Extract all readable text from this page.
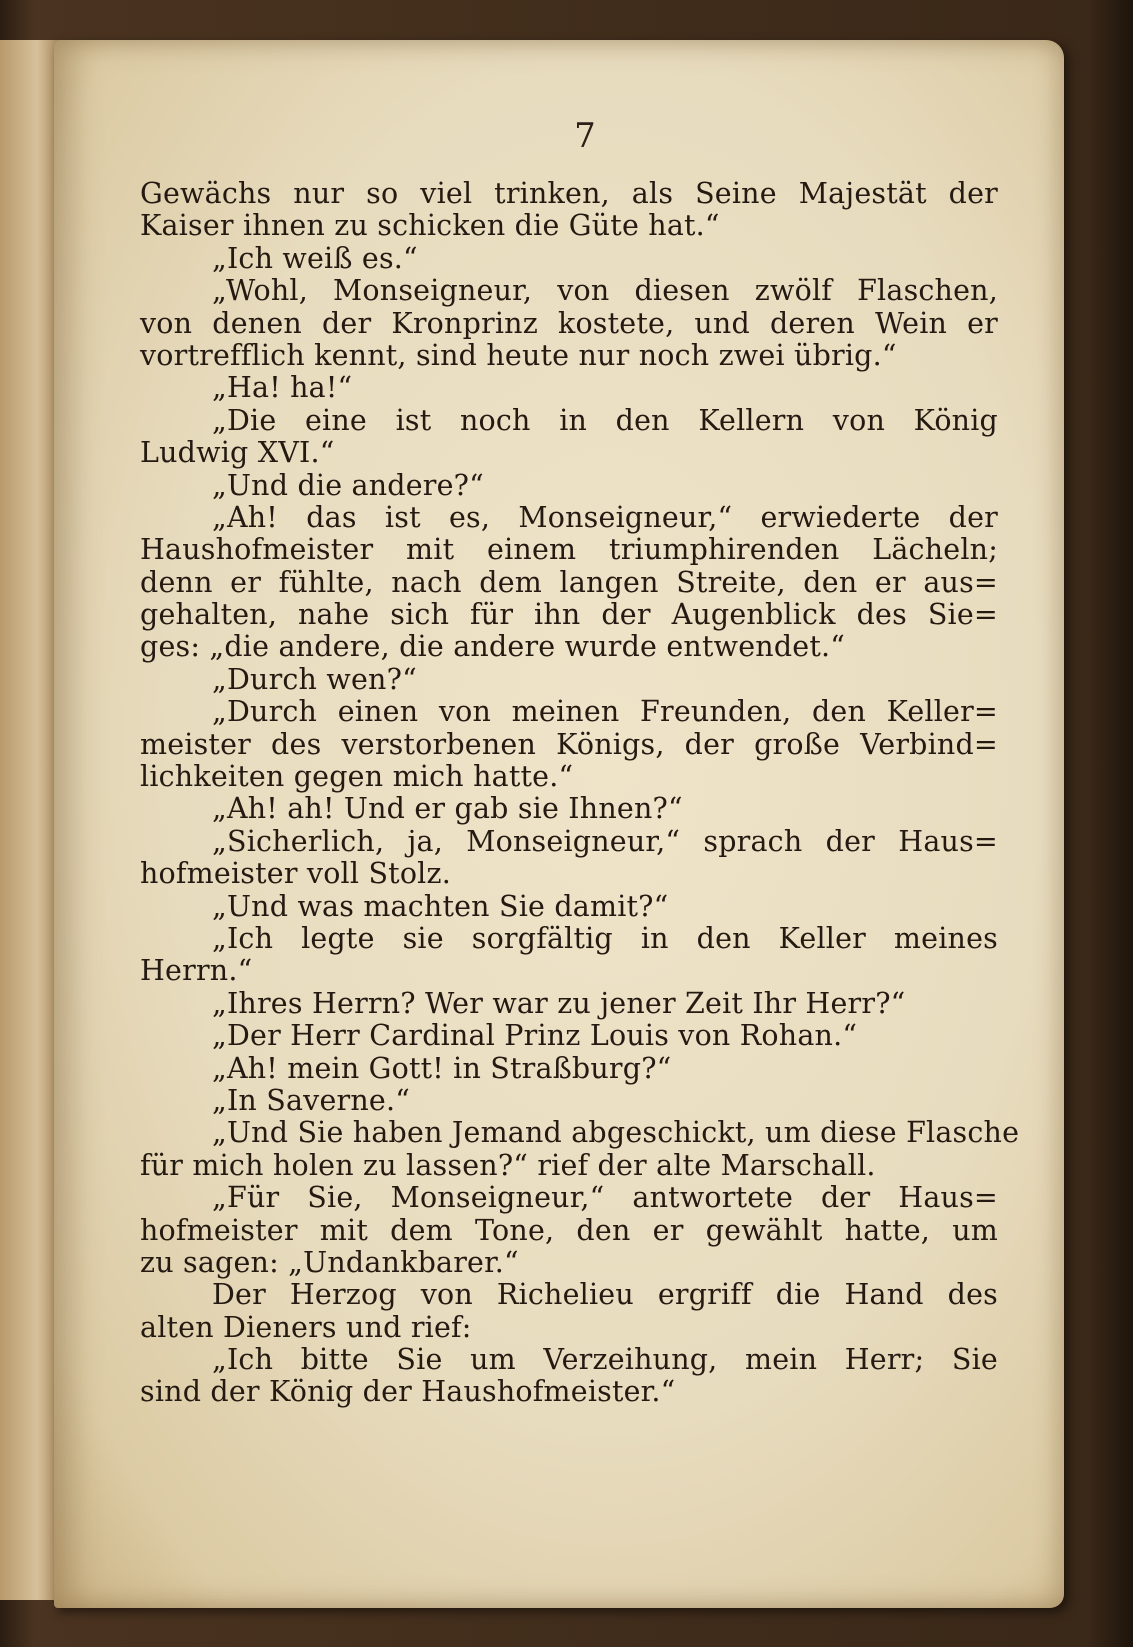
7
Gewächs nur so viel trinken, als Seine Majestät der
Kaiser ihnen zu schicken die Güte hat.“
„Ich weiß es.“
„Wohl, Monseigneur, von diesen zwölf Flaschen,
von denen der Kronprinz kostete, und deren Wein er
vortrefflich kennt, sind heute nur noch zwei übrig.“
„Ha! ha!“
„Die eine ist noch in den Kellern von König
Ludwig XVI.“
„Und die andere?“
„Ah! das ist es, Monseigneur,“ erwiederte der
Haushofmeister mit einem triumphirenden Lächeln;
denn er fühlte, nach dem langen Streite, den er aus=
gehalten, nahe sich für ihn der Augenblick des Sie=
ges: „die andere, die andere wurde entwendet.“
„Durch wen?“
„Durch einen von meinen Freunden, den Keller=
meister des verstorbenen Königs, der große Verbind=
lichkeiten gegen mich hatte.“
„Ah! ah! Und er gab sie Ihnen?“
„Sicherlich, ja, Monseigneur,“ sprach der Haus=
hofmeister voll Stolz.
„Und was machten Sie damit?“
„Ich legte sie sorgfältig in den Keller meines
Herrn.“
„Ihres Herrn? Wer war zu jener Zeit Ihr Herr?“
„Der Herr Cardinal Prinz Louis von Rohan.“
„Ah! mein Gott! in Straßburg?“
„In Saverne.“
„Und Sie haben Jemand abgeschickt, um diese Flasche
für mich holen zu lassen?“ rief der alte Marschall.
„Für Sie, Monseigneur,“ antwortete der Haus=
hofmeister mit dem Tone, den er gewählt hatte, um
zu sagen: „Undankbarer.“
Der Herzog von Richelieu ergriff die Hand des
alten Dieners und rief:
„Ich bitte Sie um Verzeihung, mein Herr; Sie
sind der König der Haushofmeister.“
